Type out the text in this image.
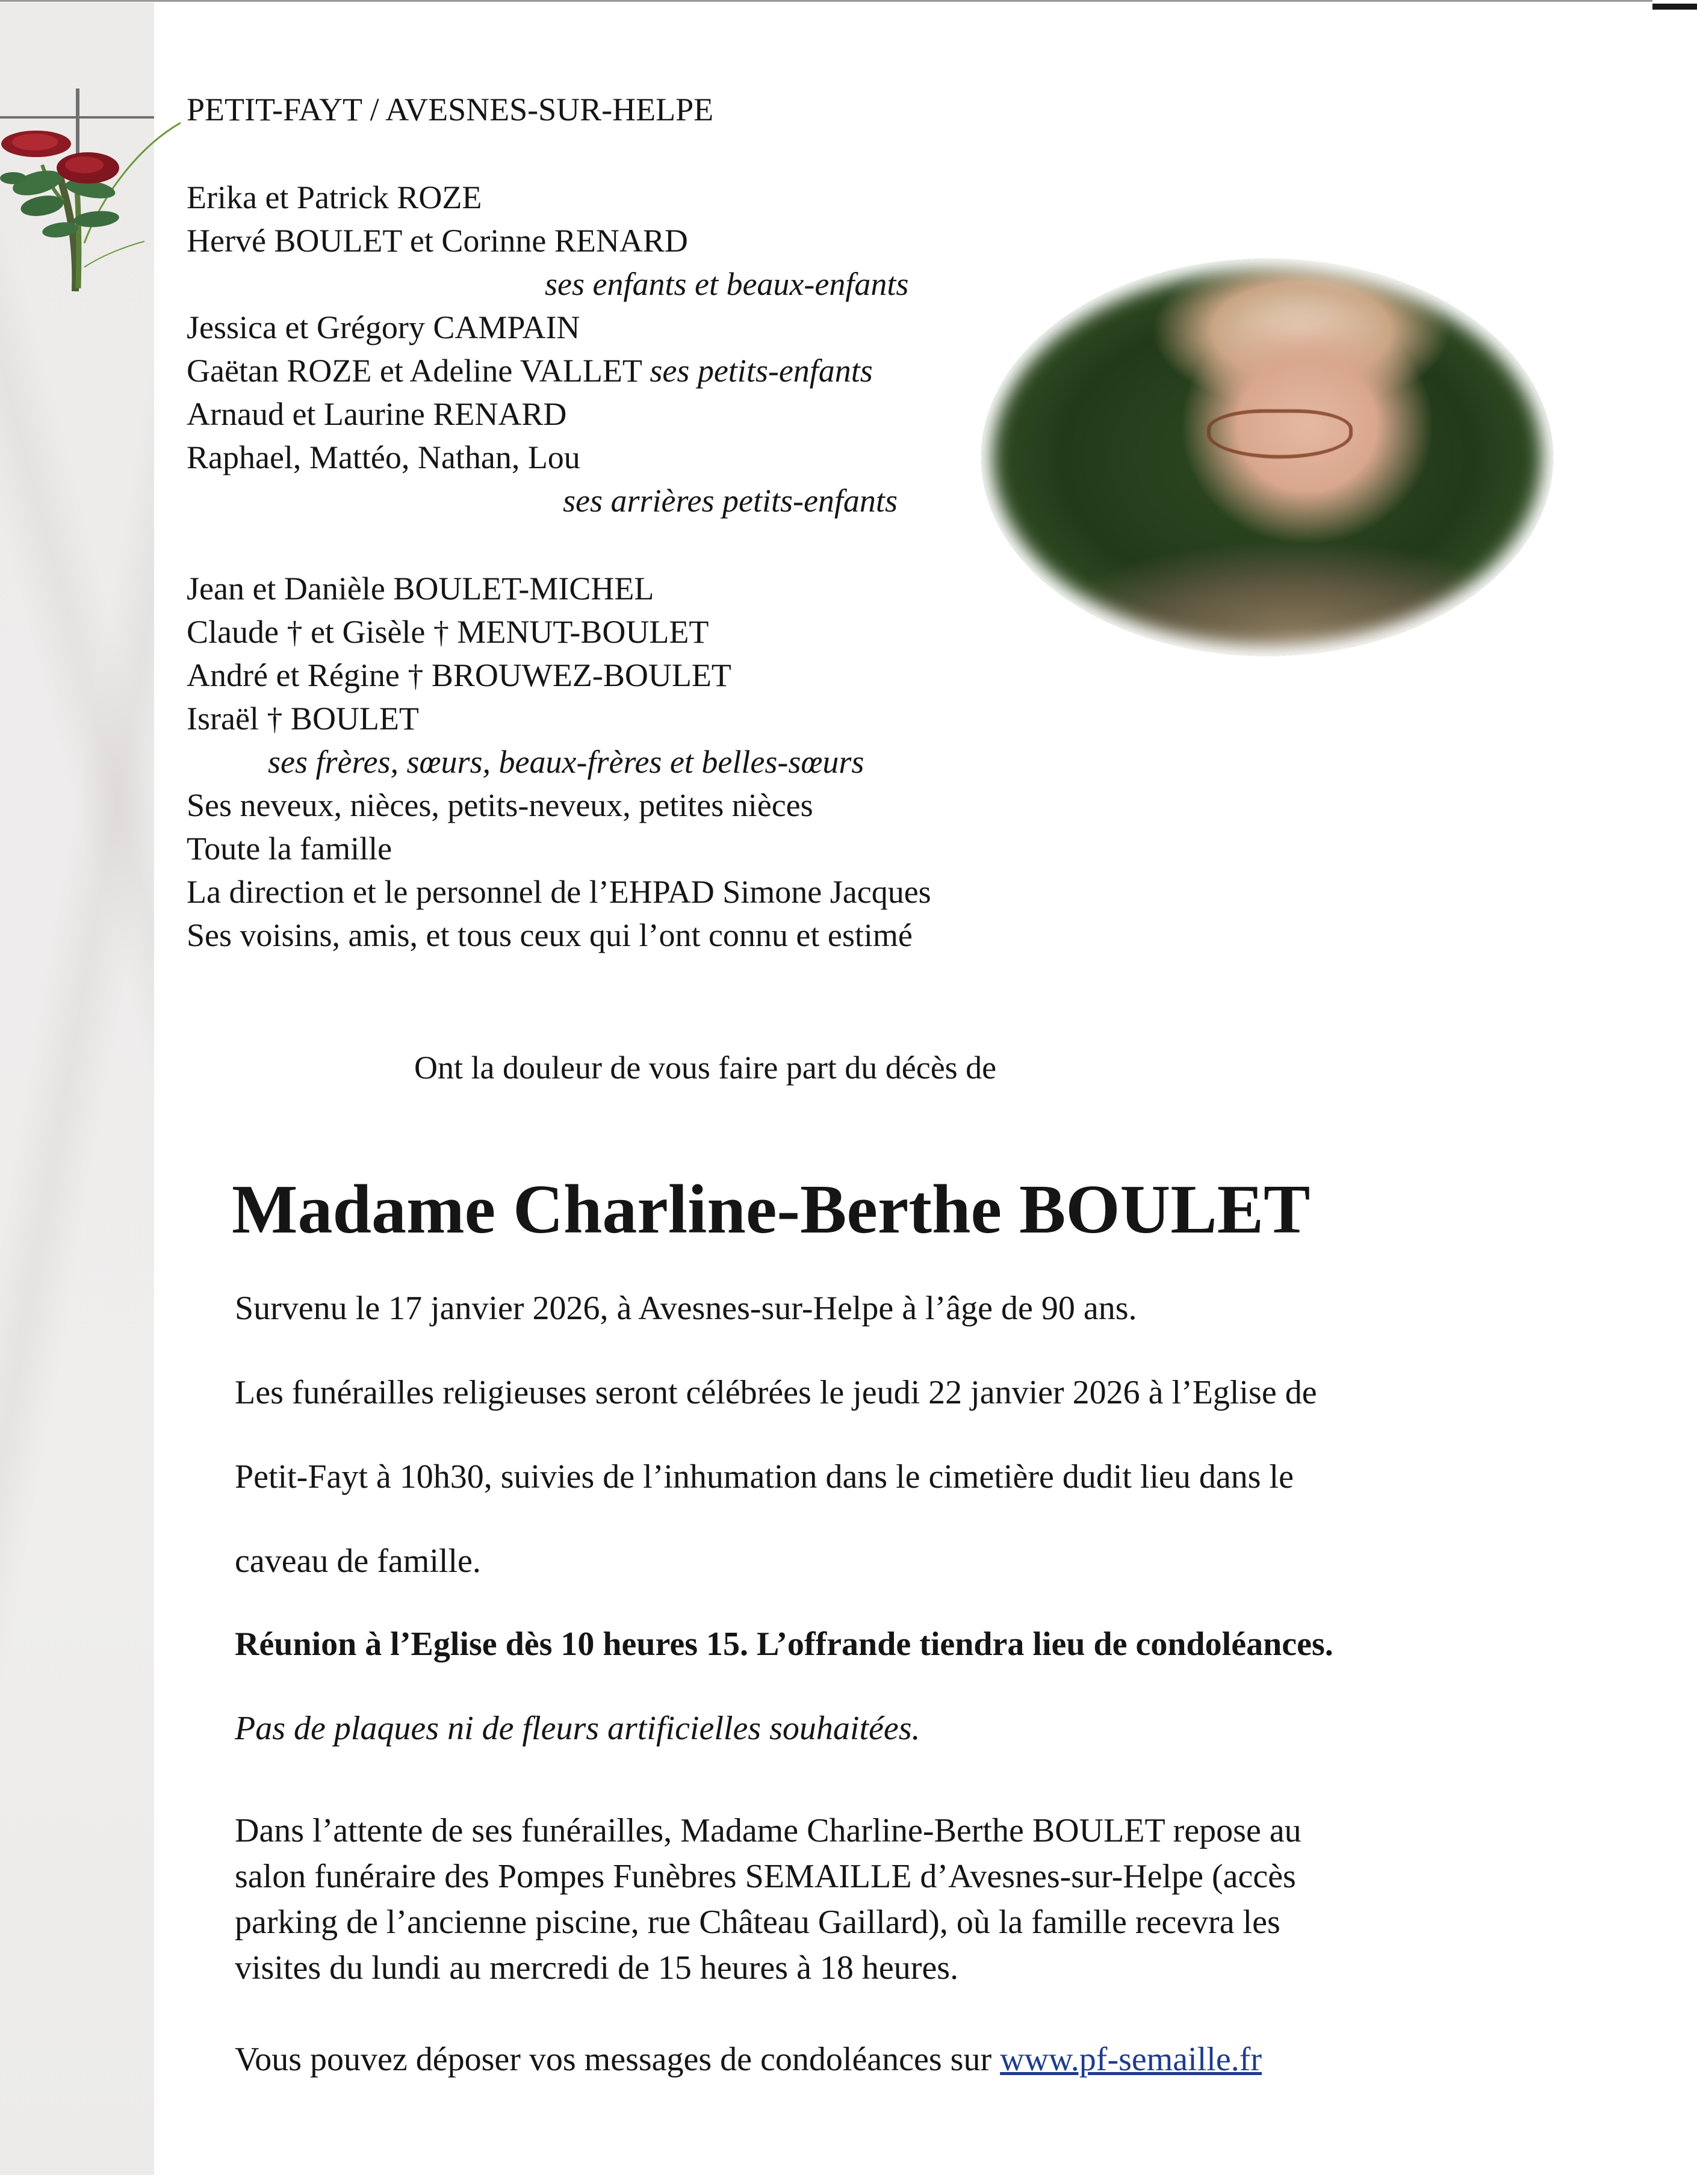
PETIT-FAYT / AVESNES-SUR-HELPE
Erika et Patrick ROZE
Hervé BOULET et Corinne RENARD
ses enfants et beaux-enfants
Jessica et Grégory CAMPAIN
Gaëtan ROZE et Adeline VALLET ses petits-enfants
Arnaud et Laurine RENARD
Raphael, Mattéo, Nathan, Lou
ses arrières petits-enfants
Jean et Danièle BOULET-MICHEL
Claude † et Gisèle † MENUT-BOULET
André et Régine † BROUWEZ-BOULET
Israël † BOULET
ses frères, sœurs, beaux-frères et belles-sœurs
Ses neveux, nièces, petits-neveux, petites nièces
Toute la famille
La direction et le personnel de l’EHPAD Simone Jacques
Ses voisins, amis, et tous ceux qui l’ont connu et estimé
Ont la douleur de vous faire part du décès de
Madame Charline-Berthe BOULET
Survenu le 17 janvier 2026, à Avesnes-sur-Helpe à l’âge de 90 ans.
Les funérailles religieuses seront célébrées le jeudi 22 janvier 2026 à l’Eglise de
Petit-Fayt à 10h30, suivies de l’inhumation dans le cimetière dudit lieu dans le
caveau de famille.
Réunion à l’Eglise dès 10 heures 15. L’offrande tiendra lieu de condoléances.
Pas de plaques ni de fleurs artificielles souhaitées.
Dans l’attente de ses funérailles, Madame Charline-Berthe BOULET repose au
salon funéraire des Pompes Funèbres SEMAILLE d’Avesnes-sur-Helpe (accès
parking de l’ancienne piscine, rue Château Gaillard), où la famille recevra les
visites du lundi au mercredi de 15 heures à 18 heures.
Vous pouvez déposer vos messages de condoléances sur www.pf-semaille.fr
